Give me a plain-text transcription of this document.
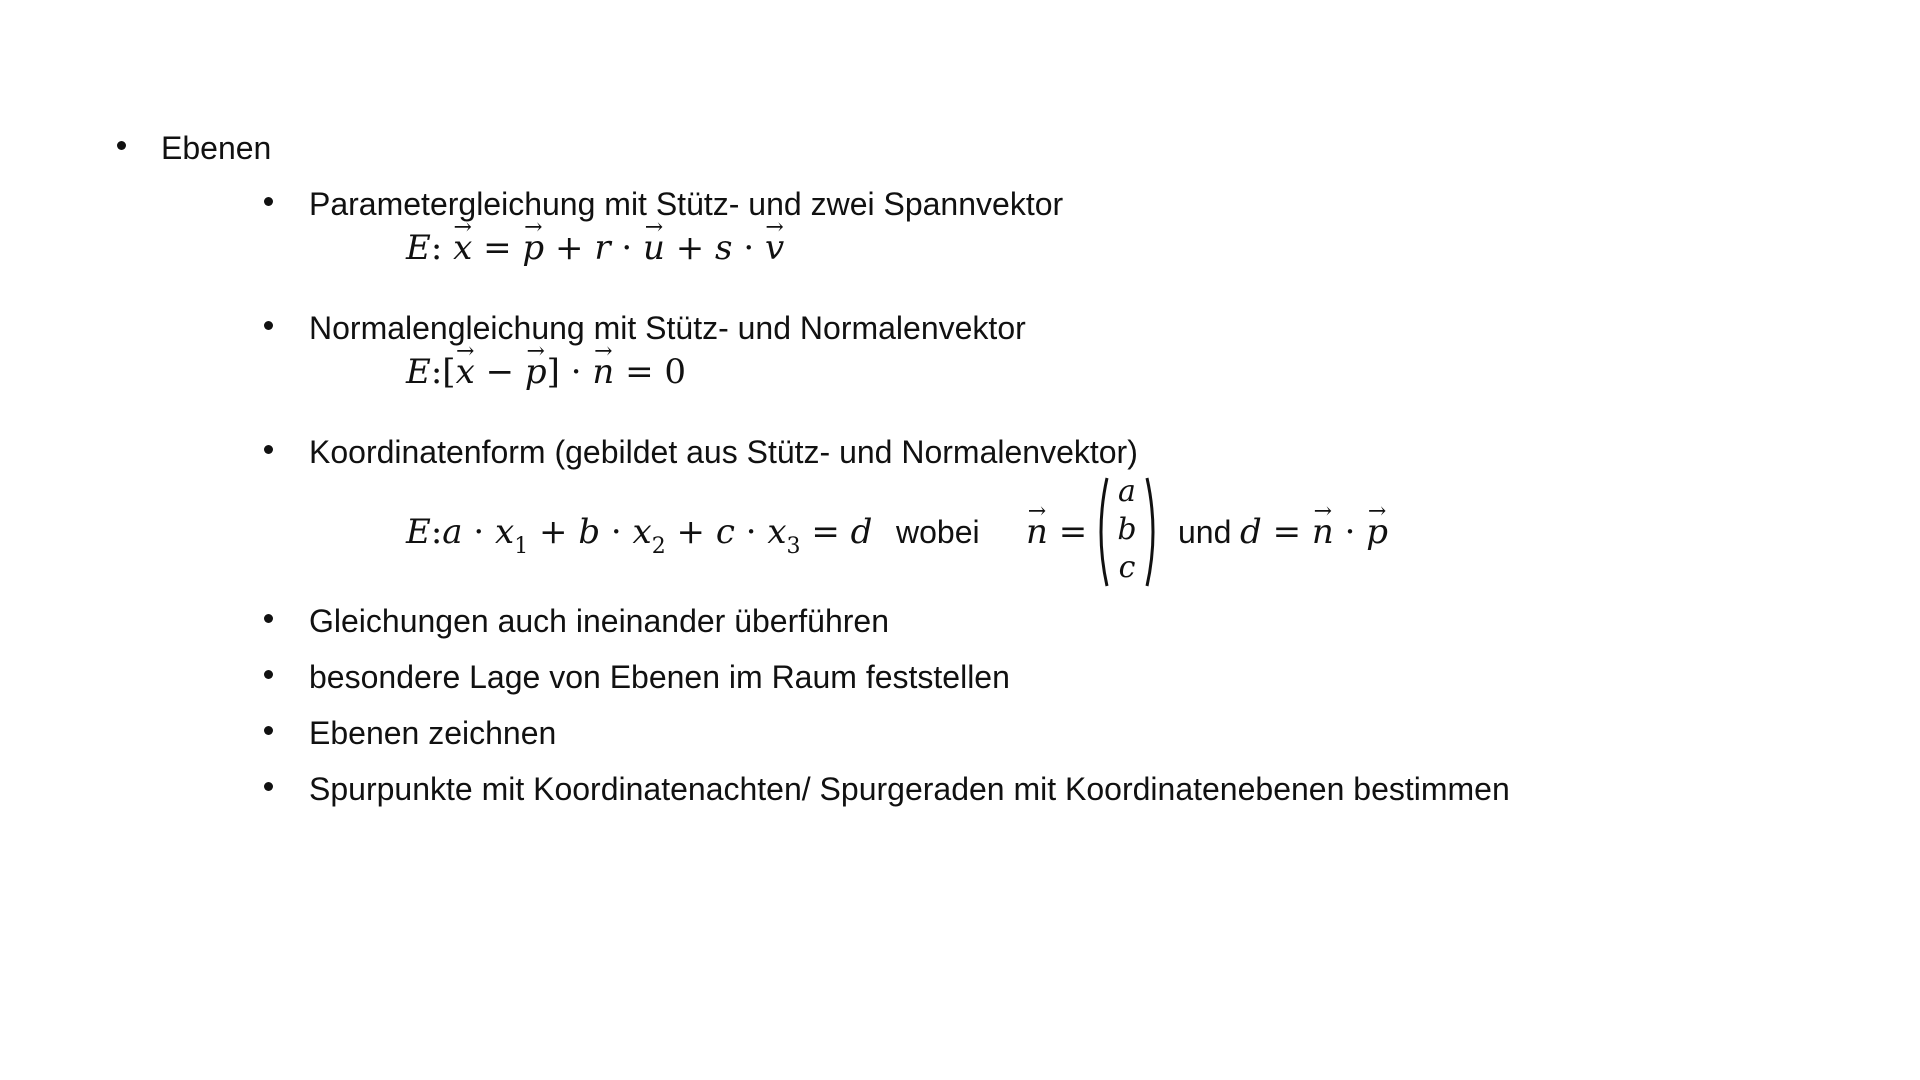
Ebenen
Parametergleichung mit Stütz- und zwei Spannvektor
E: → x = → p + r · → u + s · → v
Normalengleichung mit Stütz- und Normalenvektor
E:[→ x − → p] · → n = 0
Koordinatenform (gebildet aus Stütz- und Normalenvektor)
E:a · $x_1 + b \cdot x_2 + c \cdot x_3 = d$ wobei → n =
a
b
c
und d = → n · → p
Gleichungen auch ineinander überführen
besondere Lage von Ebenen im Raum feststellen
Ebenen zeichnen
Spurpunkte mit Koordinatenachten/ Spurgeraden mit Koordinatenebenen bestimmen
